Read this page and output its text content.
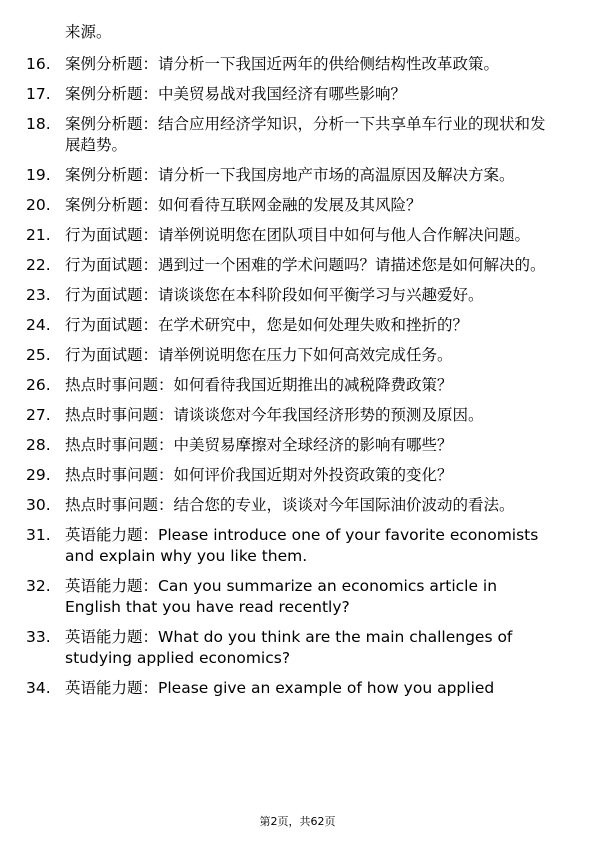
来源。
16. 案例分析题：请分析一下我国近两年的供给侧结构性改革政策。
17. 案例分析题：中美贸易战对我国经济有哪些影响？
18. 案例分析题：结合应用经济学知识，分析一下共享单车行业的现状和发展趋势。
19. 案例分析题：请分析一下我国房地产市场的高温原因及解决方案。
20. 案例分析题：如何看待互联网金融的发展及其风险？
21. 行为面试题：请举例说明您在团队项目中如何与他人合作解决问题。
22. 行为面试题：遇到过一个困难的学术问题吗？请描述您是如何解决的。
23. 行为面试题：请谈谈您在本科阶段如何平衡学习与兴趣爱好。
24. 行为面试题：在学术研究中，您是如何处理失败和挫折的？
25. 行为面试题：请举例说明您在压力下如何高效完成任务。
26. 热点时事问题：如何看待我国近期推出的减税降费政策？
27. 热点时事问题：请谈谈您对今年我国经济形势的预测及原因。
28. 热点时事问题：中美贸易摩擦对全球经济的影响有哪些？
29. 热点时事问题：如何评价我国近期对外投资政策的变化？
30. 热点时事问题：结合您的专业，谈谈对今年国际油价波动的看法。
31. 英语能力题：Please introduce one of your favorite economists and explain why you like them.
32. 英语能力题：Can you summarize an economics article in English that you have read recently?
33. 英语能力题：What do you think are the main challenges of studying applied economics?
34. 英语能力题：Please give an example of how you applied
第2页，共62页
